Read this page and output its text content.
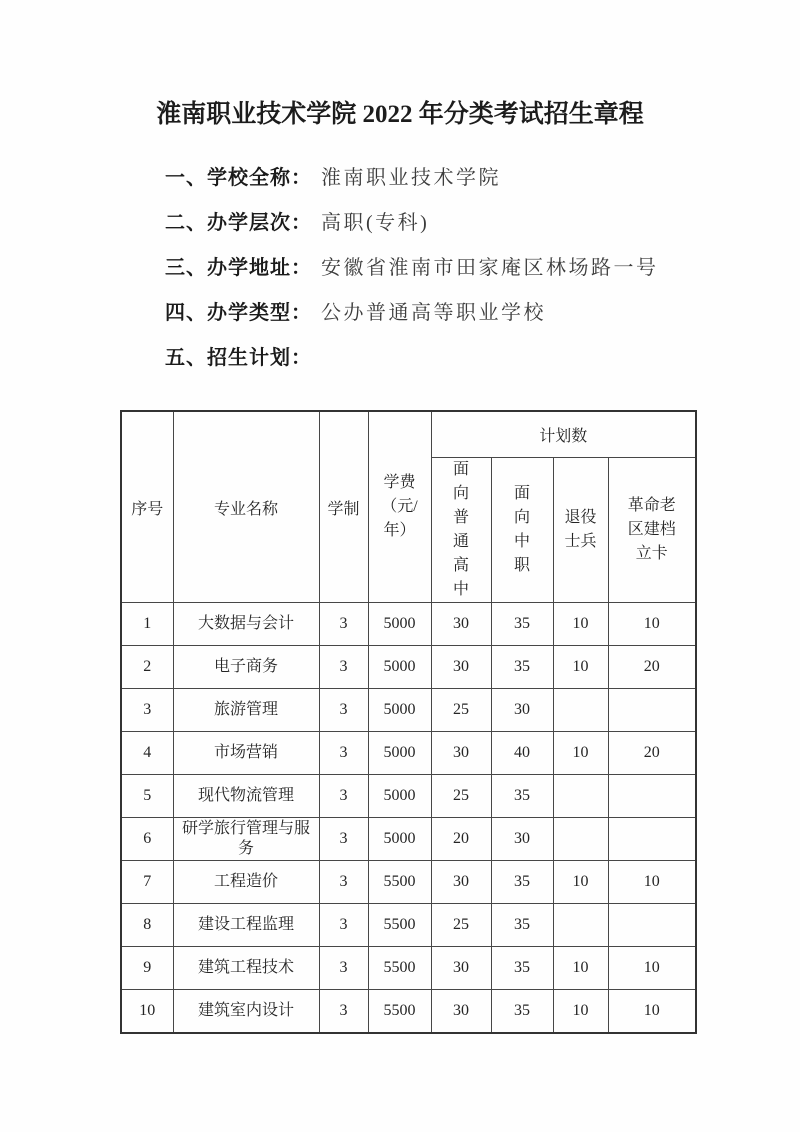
淮南职业技术学院 2022 年分类考试招生章程

一、学校全称： 淮南职业技术学院

二、办学层次： 高职(专科)

三、办学地址： 安徽省淮南市田家庵区林场路一号

四、办学类型： 公办普通高等职业学校

五、招生计划：

序号	专业名称	学制	学费（元/年）	计划数			
				面向普通高中	面向中职	退役士兵	革命老区建档立卡
1	大数据与会计	3	5000	30	35	10	10
2	电子商务	3	5000	30	35	10	20
3	旅游管理	3	5000	25	30		
4	市场营销	3	5000	30	40	10	20
5	现代物流管理	3	5000	25	35		
6	研学旅行管理与服务	3	5000	20	30		
7	工程造价	3	5500	30	35	10	10
8	建设工程监理	3	5500	25	35		
9	建筑工程技术	3	5500	30	35	10	10
10	建筑室内设计	3	5500	30	35	10	10
